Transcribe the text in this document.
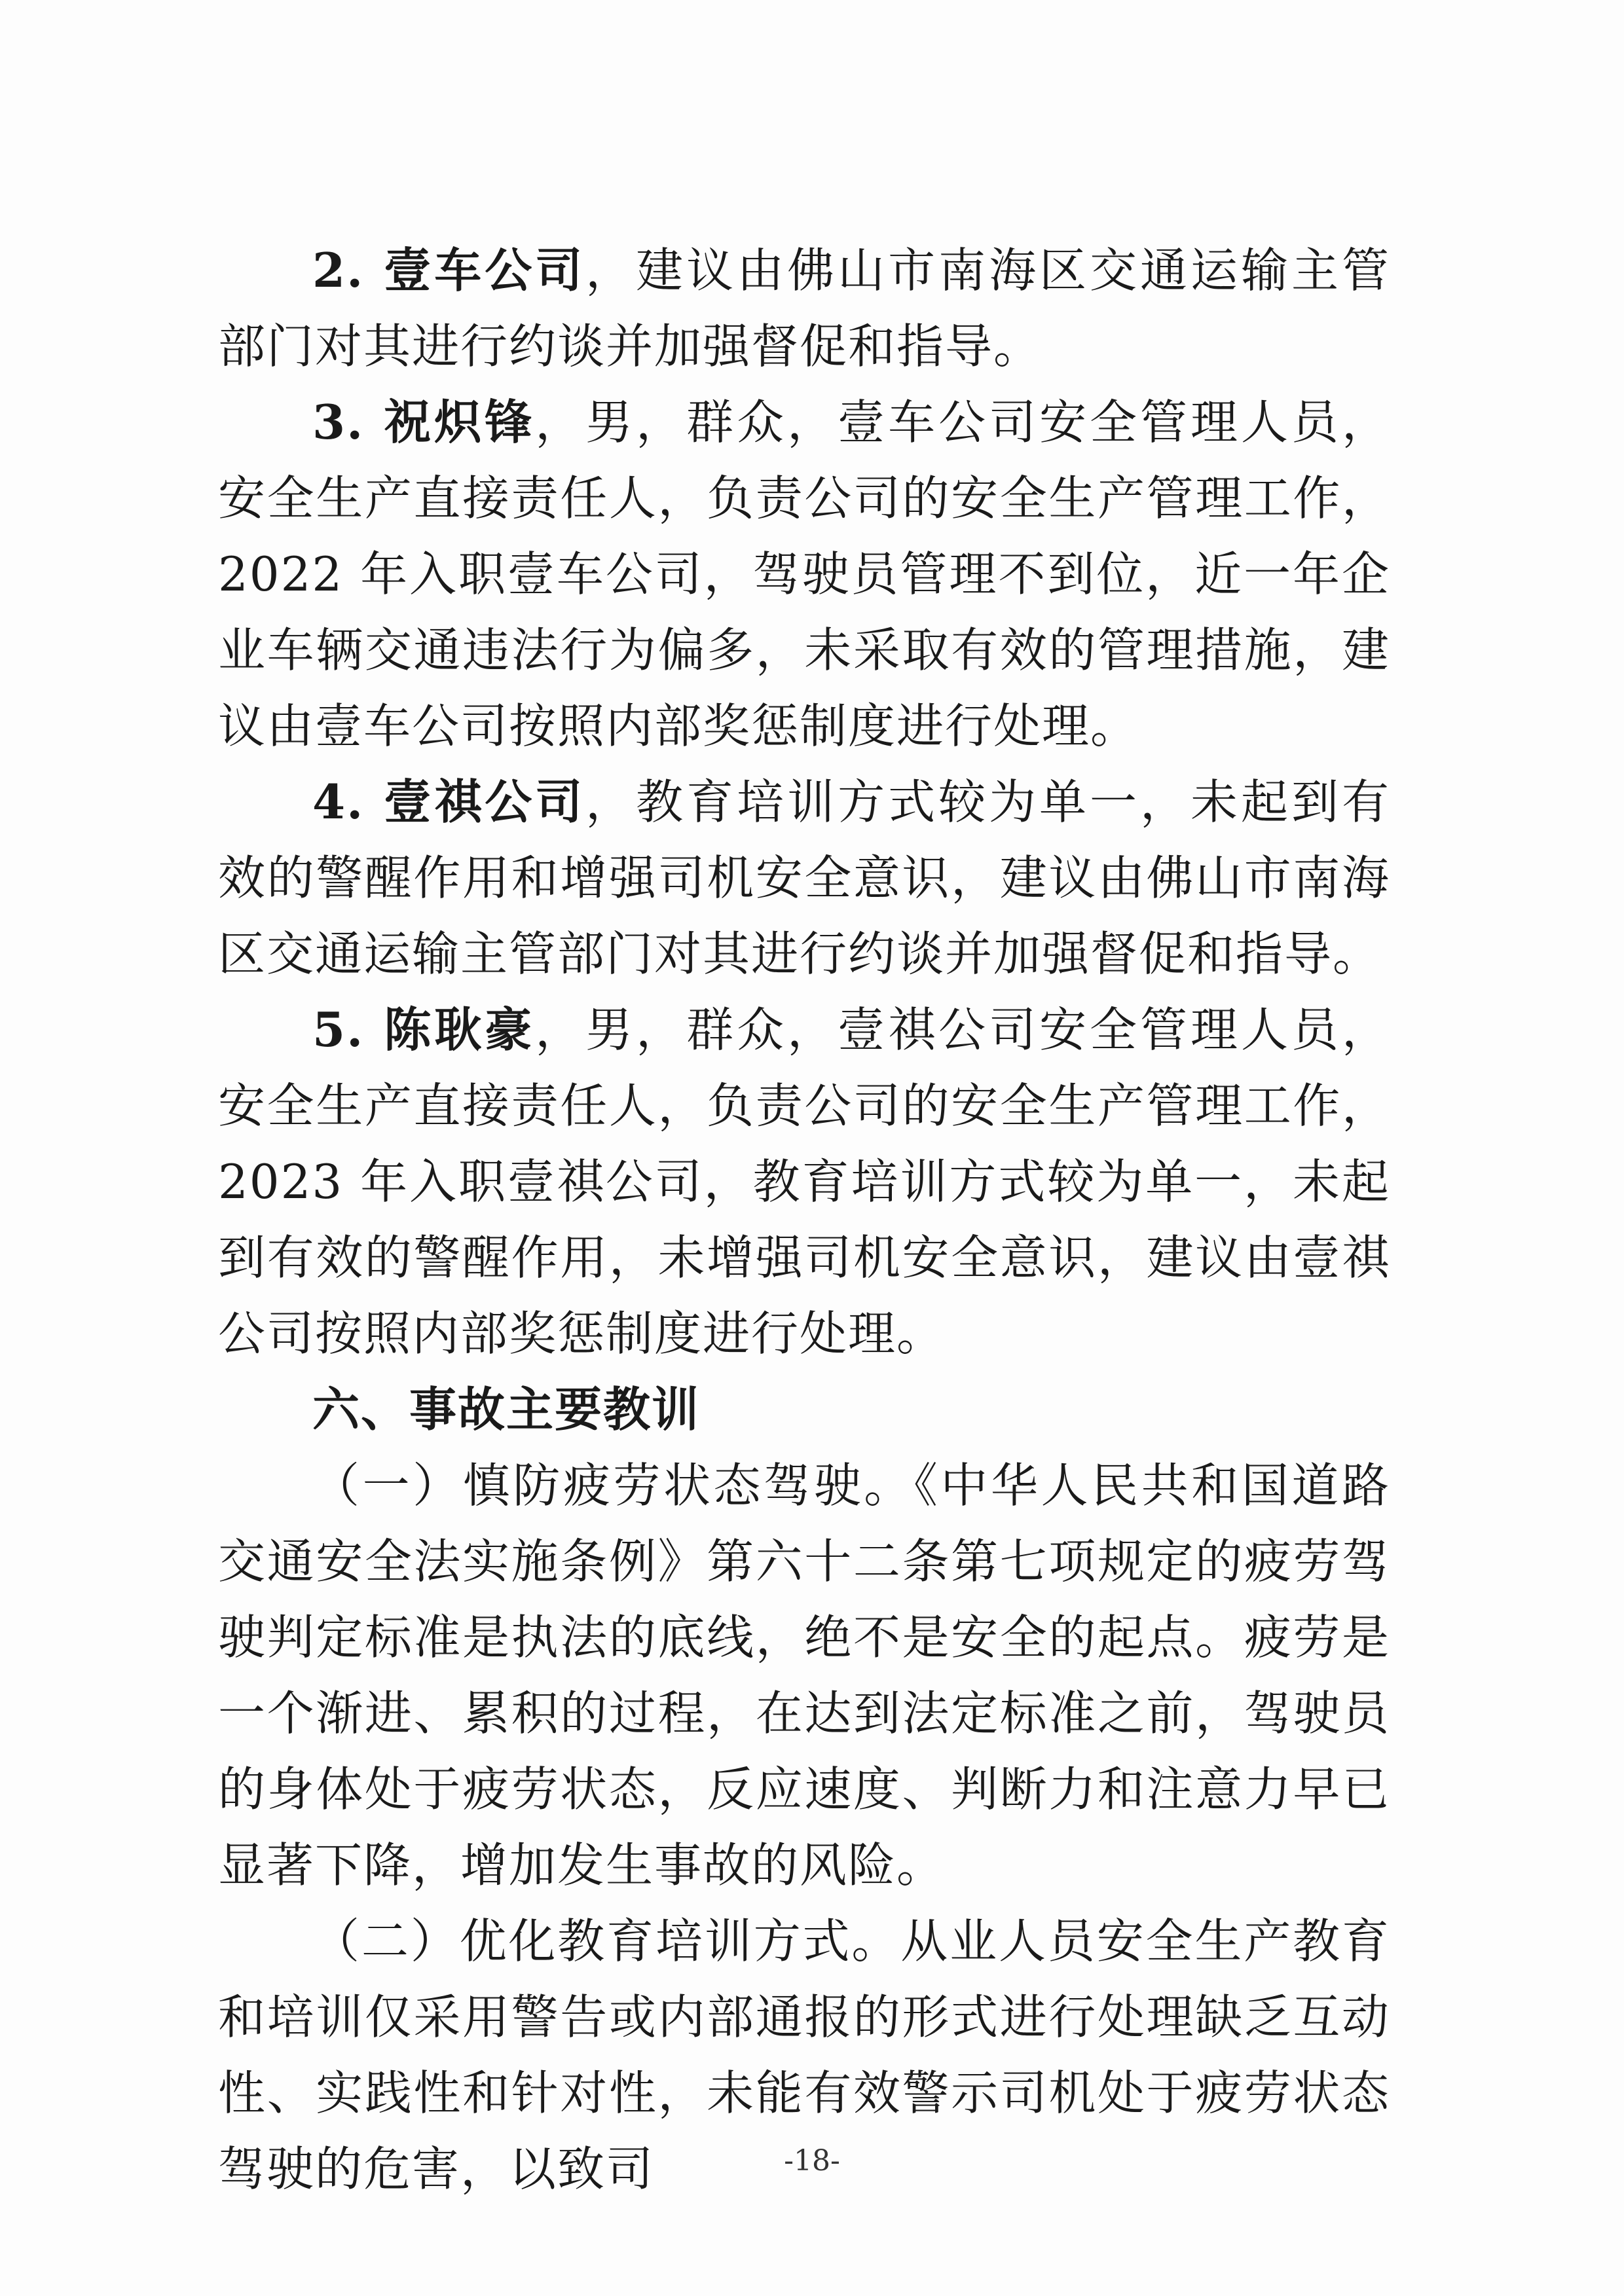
2. 壹车公司，建议由佛山市南海区交通运输主管部门对其进行约谈并加强督促和指导。

3. 祝炽锋，男，群众，壹车公司安全管理人员，安全生产直接责任人，负责公司的安全生产管理工作，2022 年入职壹车公司，驾驶员管理不到位，近一年企业车辆交通违法行为偏多，未采取有效的管理措施，建议由壹车公司按照内部奖惩制度进行处理。

4. 壹祺公司，教育培训方式较为单一，未起到有效的警醒作用和增强司机安全意识，建议由佛山市南海区交通运输主管部门对其进行约谈并加强督促和指导。

5. 陈耿豪，男，群众，壹祺公司安全管理人员，安全生产直接责任人，负责公司的安全生产管理工作，2023 年入职壹祺公司，教育培训方式较为单一，未起到有效的警醒作用，未增强司机安全意识，建议由壹祺公司按照内部奖惩制度进行处理。

六、事故主要教训

（一）慎防疲劳状态驾驶。《中华人民共和国道路交通安全法实施条例》第六十二条第七项规定的疲劳驾驶判定标准是执法的底线，绝不是安全的起点。疲劳是一个渐进、累积的过程，在达到法定标准之前，驾驶员的身体处于疲劳状态，反应速度、判断力和注意力早已显著下降，增加发生事故的风险。

（二）优化教育培训方式。从业人员安全生产教育和培训仅采用警告或内部通报的形式进行处理缺乏互动性、实践性和针对性，未能有效警示司机处于疲劳状态驾驶的危害，以致司	-18-
